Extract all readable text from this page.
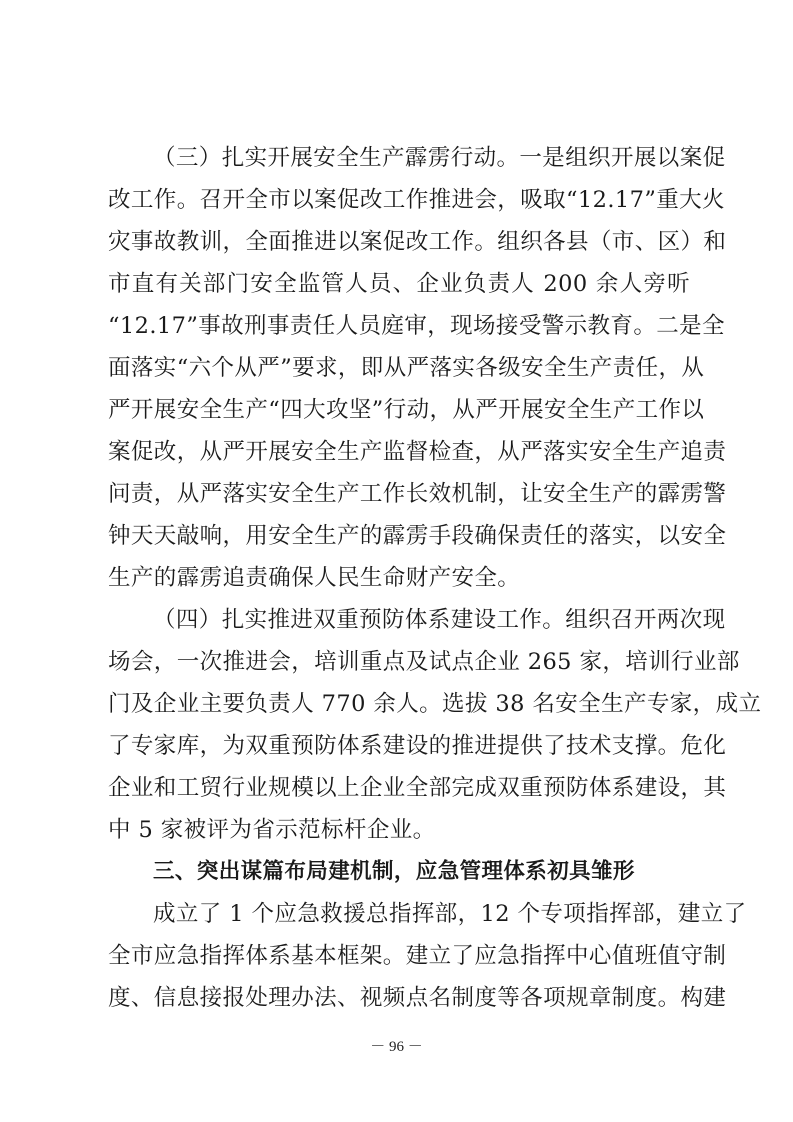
（三）扎实开展安全生产霹雳行动。一是组织开展以案促
改工作。召开全市以案促改工作推进会，吸取“12.17”重大火
灾事故教训，全面推进以案促改工作。组织各县（市、区）和
市直有关部门安全监管人员、企业负责人 200 余人旁听
“12.17”事故刑事责任人员庭审，现场接受警示教育。二是全
面落实“六个从严”要求，即从严落实各级安全生产责任，从
严开展安全生产“四大攻坚”行动，从严开展安全生产工作以
案促改，从严开展安全生产监督检查，从严落实安全生产追责
问责，从严落实安全生产工作长效机制，让安全生产的霹雳警
钟天天敲响，用安全生产的霹雳手段确保责任的落实，以安全
生产的霹雳追责确保人民生命财产安全。
（四）扎实推进双重预防体系建设工作。组织召开两次现
场会，一次推进会，培训重点及试点企业 265 家，培训行业部
门及企业主要负责人 770 余人。选拔 38 名安全生产专家，成立
了专家库，为双重预防体系建设的推进提供了技术支撑。危化
企业和工贸行业规模以上企业全部完成双重预防体系建设，其
中 5 家被评为省示范标杆企业。
三、突出谋篇布局建机制，应急管理体系初具雏形
成立了 1 个应急救援总指挥部，12 个专项指挥部，建立了
全市应急指挥体系基本框架。建立了应急指挥中心值班值守制
度、信息接报处理办法、视频点名制度等各项规章制度。构建
－ 96 －
